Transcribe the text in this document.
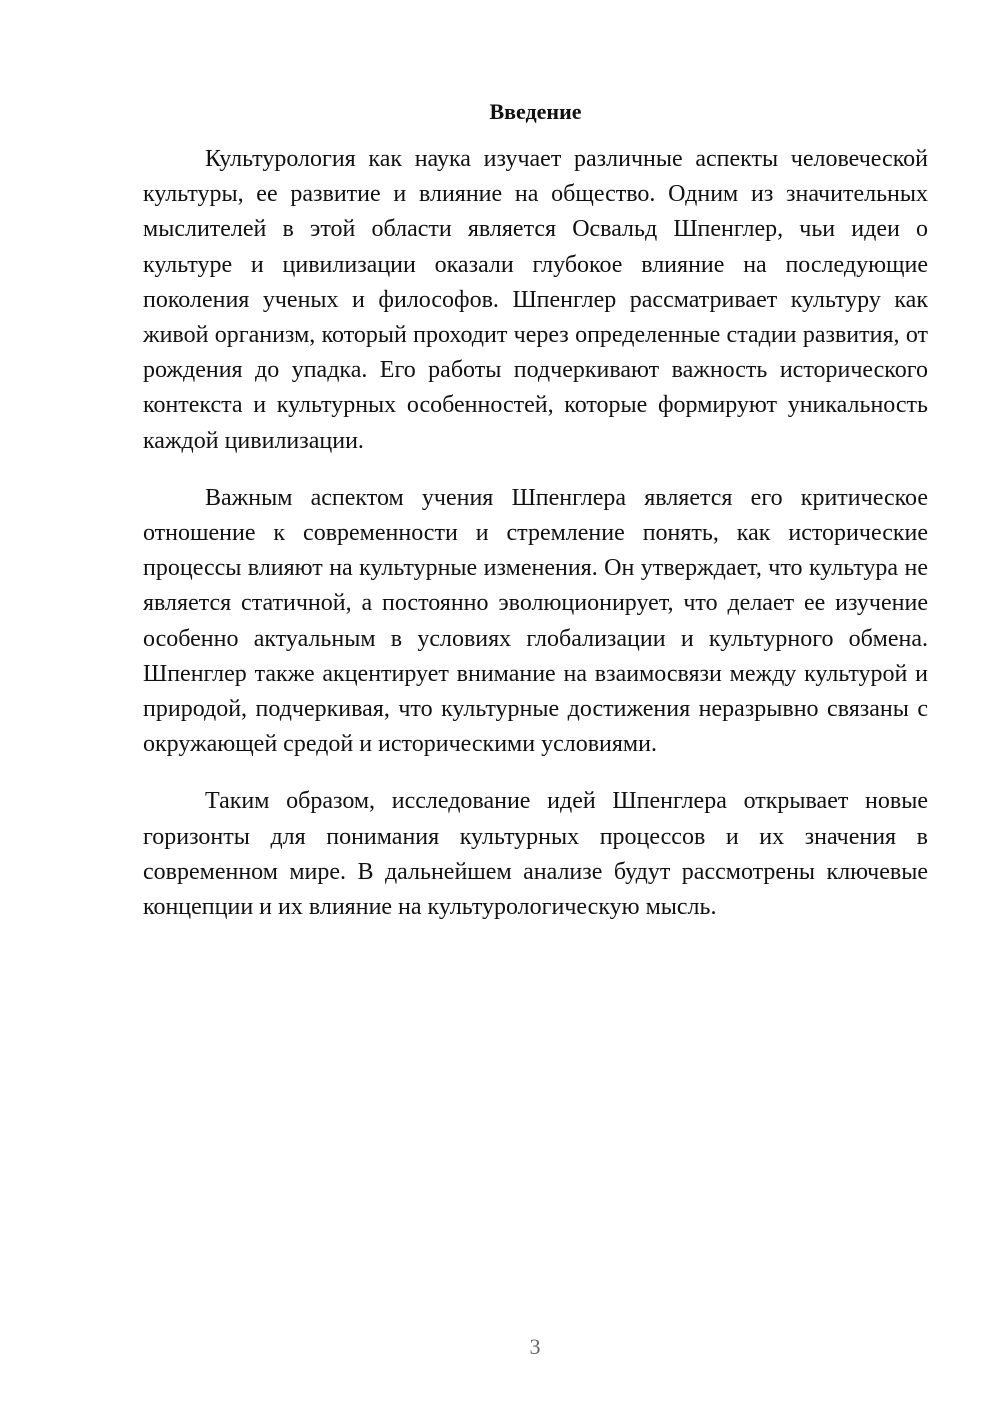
Введение

Культурология как наука изучает различные аспекты человеческой культуры, ее развитие и влияние на общество. Одним из значительных мыслителей в этой области является Освальд Шпенглер, чьи идеи о культуре и цивилизации оказали глубокое влияние на последующие поколения ученых и философов. Шпенглер рассматривает культуру как живой организм, который проходит через определенные стадии развития, от рождения до упадка. Его работы подчеркивают важность исторического контекста и культурных особенностей, которые формируют уникальность каждой цивилизации.

Важным аспектом учения Шпенглера является его критическое отношение к современности и стремление понять, как исторические процессы влияют на культурные изменения. Он утверждает, что культура не является статичной, а постоянно эволюционирует, что делает ее изучение особенно актуальным в условиях глобализации и культурного обмена. Шпенглер также акцентирует внимание на взаимосвязи между культурой и природой, подчеркивая, что культурные достижения неразрывно связаны с окружающей средой и историческими условиями.

Таким образом, исследование идей Шпенглера открывает новые горизонты для понимания культурных процессов и их значения в современном мире. В дальнейшем анализе будут рассмотрены ключевые концепции и их влияние на культурологическую мысль.

3
